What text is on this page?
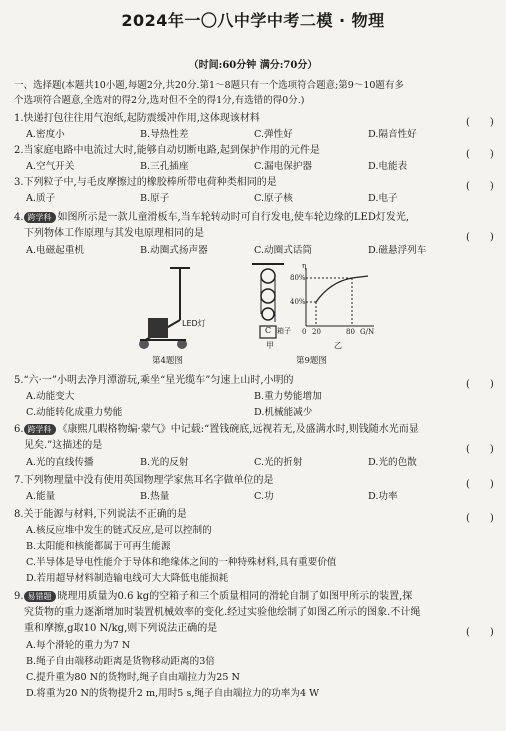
2024年一〇八中学中考二模 · 物理
（时间:60分钟 满分:70分）
一、选择题(本题共10小题,每题2分,共20分.第1～8题只有一个选项符合题意;第9～10题有多
个选项符合题意,全选对的得2分,选对但不全的得1分,有选错的得0分.)
1.快递打包往往用气泡纸,起防震缓冲作用,这体现该材料	(　　)
A.密度小	B.导热性差	C.弹性好	D.隔音性好
2.当家庭电路中电流过大时,能够自动切断电路,起到保护作用的元件是	(　　)
A.空气开关	B.三孔插座	C.漏电保护器	D.电能表
3.下列粒子中,与毛皮摩擦过的橡胶棒所带电荷种类相同的是	(　　)
A.质子	B.原子	C.原子核	D.电子
4. 跨学科 如图所示是一款儿童滑板车,当车轮转动时可自行发电,使车轮边缘的LED灯发光,
下列物体工作原理与其发电原理相同的是	(　　)
A.电磁起重机	B.动圈式扬声器	C.动圈式话筒	D.磁悬浮列车
LED灯
第4题图
C 箱子
甲
η
80%
40%
0 20	80 G/N
乙
第9题图
5.“六·一”小明去净月潭游玩,乘坐“星光缆车”匀速上山时,小明的	(　　)
A.动能变大	B.重力势能增加
C.动能转化成重力势能	D.机械能减少
6. 跨学科 《康熙几暇格物编·蒙气》中记载:“置钱碗底,远视若无,及盛满水时,则钱随水光而显
见矣.”这描述的是	(　　)
A.光的直线传播	B.光的反射	C.光的折射	D.光的色散
7.下列物理量中没有使用英国物理学家焦耳名字做单位的是	(　　)
A.能量	B.热量	C.功	D.功率
8.关于能源与材料,下列说法不正确的是	(　　)
A.核反应堆中发生的链式反应,是可以控制的
B.太阳能和核能都属于可再生能源
C.半导体是导电性能介于导体和绝缘体之间的一种特殊材料,具有重要价值
D.若用超导材料制造输电线可大大降低电能损耗
9. 易错题 晓理用质量为0.6 kg的空箱子和三个质量相同的滑轮自制了如图甲所示的装置,探
究货物的重力逐渐增加时装置机械效率的变化.经过实验他绘制了如图乙所示的图象.不计绳
重和摩擦,g取10 N/kg,则下列说法正确的是	(　　)
A.每个滑轮的重力为7 N
B.绳子自由端移动距离是货物移动距离的3倍
C.提升重为80 N的货物时,绳子自由端拉力为25 N
D.将重为20 N的货物提升2 m,用时5 s,绳子自由端拉力的功率为4 W
